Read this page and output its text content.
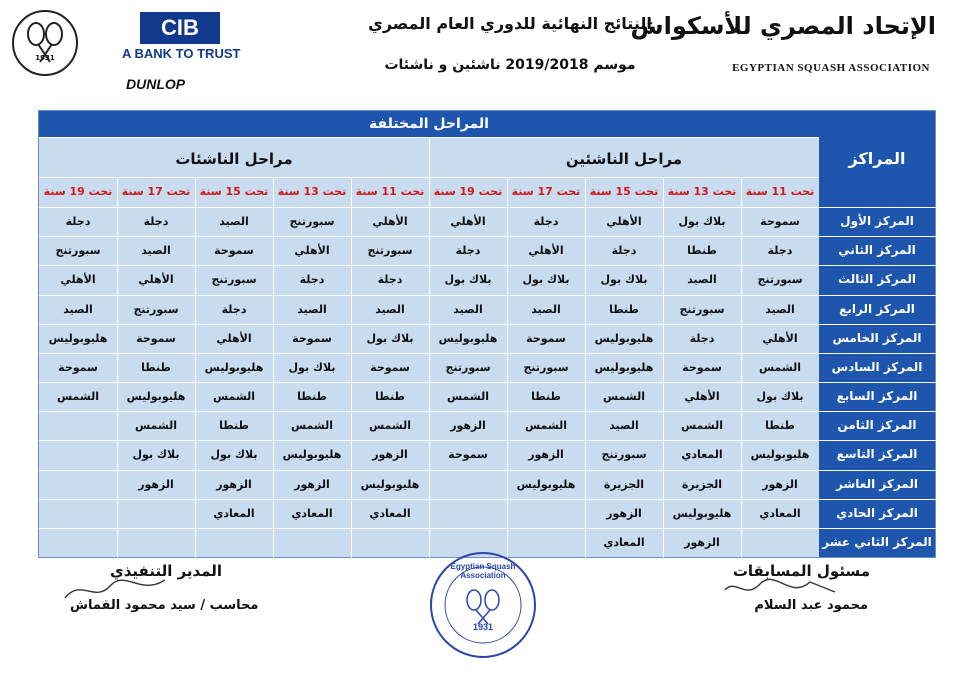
الإتحاد المصري للأسكواش
EGYPTIAN SQUASH ASSOCIATION
النتائج النهائية للدوري العام المصري
موسم 2019/2018 ناشئين و ناشئات
1931
CIB
A BANK TO TRUST
DUNLOP
المراحل المختلفة
المراكز
مراحل الناشئين
مراحل الناشئات
تحت 11 سنة
تحت 13 سنة
تحت 15 سنة
تحت 17 سنة
تحت 19 سنة
تحت 11 سنة
تحت 13 سنة
تحت 15 سنة
تحت 17 سنة
تحت 19 سنة
المركز الأول
سموحة
بلاك بول
الأهلي
دجلة
الأهلي
الأهلي
سبورتنج
الصيد
دجلة
دجلة
المركز الثاني
دجلة
طنطا
دجلة
الأهلي
دجلة
سبورتنج
الأهلي
سموحة
الصيد
سبورتنج
المركز الثالث
سبورتنج
الصيد
بلاك بول
بلاك بول
بلاك بول
دجلة
دجلة
سبورتنج
الأهلي
الأهلي
المركز الرابع
الصيد
سبورتنج
طنطا
الصيد
الصيد
الصيد
الصيد
دجلة
سبورتنج
الصيد
المركز الخامس
الأهلي
دجلة
هليوبوليس
سموحة
هليوبوليس
بلاك بول
سموحة
الأهلي
سموحة
هليوبوليس
المركز السادس
الشمس
سموحة
هليوبوليس
سبورتنج
سبورتنج
سموحة
بلاك بول
هليوبوليس
طنطا
سموحة
المركز السابع
بلاك بول
الأهلي
الشمس
طنطا
الشمس
طنطا
طنطا
الشمس
هليوبوليس
الشمس
المركز الثامن
طنطا
الشمس
الصيد
الشمس
الزهور
الشمس
الشمس
طنطا
الشمس
المركز التاسع
هليوبوليس
المعادي
سبورتنج
الزهور
سموحة
الزهور
هليوبوليس
بلاك بول
بلاك بول
المركز العاشر
الزهور
الجزيرة
الجزيرة
هليوبوليس
هليوبوليس
الزهور
الزهور
الزهور
المركز الحادي
المعادي
هليوبوليس
الزهور
المعادي
المعادي
المعادي
المركز الثاني عشر
الزهور
المعادي
المدير التنفيذي
محاسب / سيد محمود القماش
Egyptian Squash Association
1931
مسئول المسابقات
محمود عبد السلام
